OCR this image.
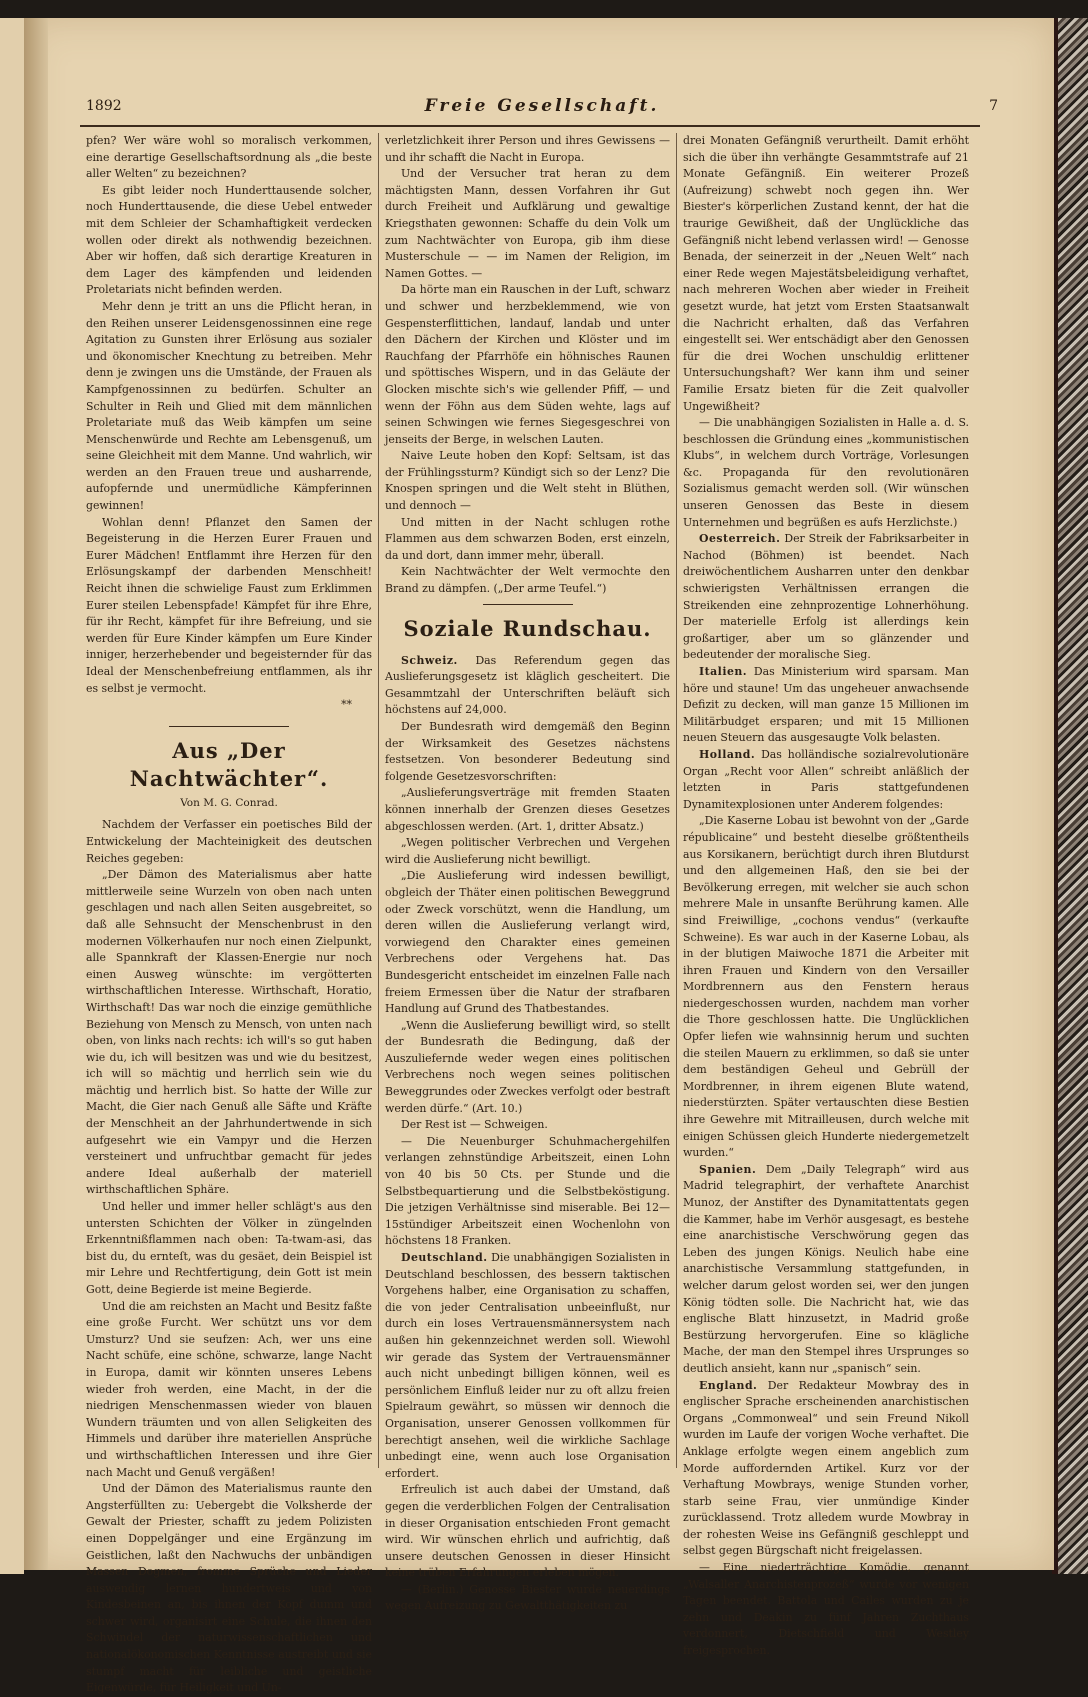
1892	Freie Gesellschaft.	7

pfen? Wer wäre wohl so moralisch verkommen, eine derartige Gesellschaftsordnung als „die beste aller Welten“ zu bezeichnen?

Es gibt leider noch Hunderttausende solcher, noch Hunderttausende, die diese Uebel entweder mit dem Schleier der Schamhaftigkeit verdecken wollen oder direkt als nothwendig bezeichnen. Aber wir hoffen, daß sich derartige Kreaturen in dem Lager des kämpfenden und leidenden Proletariats nicht befinden werden.

Mehr denn je tritt an uns die Pflicht heran, in den Reihen unserer Leidensgenossinnen eine rege Agitation zu Gunsten ihrer Erlösung aus sozialer und ökonomischer Knechtung zu betreiben. Mehr denn je zwingen uns die Umstände, der Frauen als Kampfgenossinnen zu bedürfen. Schulter an Schulter in Reih und Glied mit dem männlichen Proletariate muß das Weib kämpfen um seine Menschenwürde und Rechte am Lebensgenuß, um seine Gleichheit mit dem Manne. Und wahrlich, wir werden an den Frauen treue und ausharrende, aufopfernde und unermüdliche Kämpferinnen gewinnen!

Wohlan denn! Pflanzet den Samen der Begeisterung in die Herzen Eurer Frauen und Eurer Mädchen! Entflammt ihre Herzen für den Erlösungskampf der darbenden Menschheit! Reicht ihnen die schwielige Faust zum Erklimmen Eurer steilen Lebenspfade! Kämpfet für ihre Ehre, für ihr Recht, kämpfet für ihre Befreiung, und sie werden für Eure Kinder kämpfen um Eure Kinder inniger, herzerhebender und begeisternder für das Ideal der Menschenbefreiung entflammen, als ihr es selbst je vermocht.

**
Aus „Der Nachtwächter“.
Von M. G. Conrad.

Nachdem der Verfasser ein poetisches Bild der Entwickelung der Machteinigkeit des deutschen Reiches gegeben:

„Der Dämon des Materialismus aber hatte mittlerweile seine Wurzeln von oben nach unten geschlagen und nach allen Seiten ausgebreitet, so daß alle Sehnsucht der Menschenbrust in den modernen Völkerhaufen nur noch einen Zielpunkt, alle Spannkraft der Klassen-Energie nur noch einen Ausweg wünschte: im vergötterten wirthschaftlichen Interesse. Wirthschaft, Horatio, Wirthschaft! Das war noch die einzige gemüthliche Beziehung von Mensch zu Mensch, von unten nach oben, von links nach rechts: ich will's so gut haben wie du, ich will besitzen was und wie du besitzest, ich will so mächtig und herrlich sein wie du mächtig und herrlich bist. So hatte der Wille zur Macht, die Gier nach Genuß alle Säfte und Kräfte der Menschheit an der Jahrhundertwende in sich aufgesehrt wie ein Vampyr und die Herzen versteinert und unfruchtbar gemacht für jedes andere Ideal außerhalb der materiell wirthschaftlichen Sphäre.

Und heller und immer heller schlägt's aus den untersten Schichten der Völker in züngelnden Erkenntnißflammen nach oben: Ta-twam-asi, das bist du, du ernteſt, was du gesäet, dein Beispiel ist mir Lehre und Rechtfertigung, dein Gott ist mein Gott, deine Begierde ist meine Begierde.

Und die am reichsten an Macht und Besitz faßte eine große Furcht. Wer schützt uns vor dem Umsturz? Und sie seufzen: Ach, wer uns eine Nacht schüfe, eine schöne, schwarze, lange Nacht in Europa, damit wir könnten unseres Lebens wieder froh werden, eine Macht, in der die niedrigen Menschenmassen wieder von blauen Wundern träumten und von allen Seligkeiten des Himmels und darüber ihre materiellen Ansprüche und wirthschaftlichen Interessen und ihre Gier nach Macht und Genuß vergäßen!

Und der Dämon des Materialismus raunte den Angsterfüllten zu: Uebergebt die Volksherde der Gewalt der Priester, schafft zu jedem Polizisten einen Doppelgänger und eine Ergänzung im Geistlichen, laßt den Nachwuchs der unbändigen Massen Dogmen, fromme Sprüche und Lieder auswendig lernen hundertweis und von Kindesbeinen an, bis ihnen der Kopf dumm und schwer wird, organisirt eine Schule, die ihnen den Schwindel der naturwissenschaftlichen und nationalökonomischen Kenntnisse austreibt und sie stumpf macht für leibliche und geistliche Eigenwürde, für Heiligkeit und Un-

verletzlichkeit ihrer Person und ihres Gewissens — und ihr schafft die Nacht in Europa.

Und der Versucher trat heran zu dem mächtigsten Mann, dessen Vorfahren ihr Gut durch Freiheit und Aufklärung und gewaltige Kriegsthaten gewonnen: Schaffe du dein Volk um zum Nachtwächter von Europa, gib ihm diese Musterschule — — im Namen der Religion, im Namen Gottes. —

Da hörte man ein Rauschen in der Luft, schwarz und schwer und herzbeklemmend, wie von Gespensterflittichen, landauf, landab und unter den Dächern der Kirchen und Klöster und im Rauchfang der Pfarrhöfe ein höhnisches Raunen und spöttisches Wispern, und in das Geläute der Glocken mischte sich's wie gellender Pfiff, — und wenn der Föhn aus dem Süden wehte, lags auf seinen Schwingen wie fernes Siegesgeschrei von jenseits der Berge, in welschen Lauten.

Naive Leute hoben den Kopf: Seltsam, ist das der Frühlingssturm? Kündigt sich so der Lenz? Die Knospen springen und die Welt steht in Blüthen, und dennoch —

Und mitten in der Nacht schlugen rothe Flammen aus dem schwarzen Boden, erst einzeln, da und dort, dann immer mehr, überall.

Kein Nachtwächter der Welt vermochte den Brand zu dämpfen. („Der arme Teufel.“)

Soziale Rundschau.

Schweiz. Das Referendum gegen das Auslieferungsgesetz ist kläglich gescheitert. Die Gesammtzahl der Unterschriften beläuft sich höchstens auf 24,000.

Der Bundesrath wird demgemäß den Beginn der Wirksamkeit des Gesetzes nächstens festsetzen. Von besonderer Bedeutung sind folgende Gesetzesvorschriften:

„Auslieferungsverträge mit fremden Staaten können innerhalb der Grenzen dieses Gesetzes abgeschlossen werden. (Art. 1, dritter Absatz.)

„Wegen politischer Verbrechen und Vergehen wird die Auslieferung nicht bewilligt.

„Die Auslieferung wird indessen bewilligt, obgleich der Thäter einen politischen Beweggrund oder Zweck vorschützt, wenn die Handlung, um deren willen die Auslieferung verlangt wird, vorwiegend den Charakter eines gemeinen Verbrechens oder Vergehens hat. Das Bundesgericht entscheidet im einzelnen Falle nach freiem Ermessen über die Natur der strafbaren Handlung auf Grund des Thatbestandes.

„Wenn die Auslieferung bewilligt wird, so stellt der Bundesrath die Bedingung, daß der Auszuliefernde weder wegen eines politischen Verbrechens noch wegen seines politischen Beweggrundes oder Zweckes verfolgt oder bestraft werden dürfe.“ (Art. 10.)

Der Rest ist — Schweigen.

— Die Neuenburger Schuhmachergehilfen verlangen zehnstündige Arbeitszeit, einen Lohn von 40 bis 50 Cts. per Stunde und die Selbstbequartierung und die Selbstbeköstigung. Die jetzigen Verhältnisse sind miserable. Bei 12—15stündiger Arbeitszeit einen Wochenlohn von höchstens 18 Franken.

Deutschland. Die unabhängigen Sozialisten in Deutschland beschlossen, des bessern taktischen Vorgehens halber, eine Organisation zu schaffen, die von jeder Centralisation unbeeinflußt, nur durch ein loses Vertrauensmännersystem nach außen hin gekennzeichnet werden soll. Wiewohl wir gerade das System der Vertrauensmänner auch nicht unbedingt billigen können, weil es persönlichem Einfluß leider nur zu oft allzu freien Spielraum gewährt, so müssen wir dennoch die Organisation, unserer Genossen vollkommen für berechtigt ansehen, weil die wirkliche Sachlage unbedingt eine, wenn auch lose Organisation erfordert.

Erfreulich ist auch dabei der Umstand, daß gegen die verderblichen Folgen der Centralisation in dieser Organisation entschieden Front gemacht wird. Wir wünschen ehrlich und aufrichtig, daß unsere deutschen Genossen in dieser Hinsicht keine trüben Erfahrungen erleben mögen.

— (Berlin.) Genosse Biester wurde neuerdings wegen Aufreizung zu Gewaltthätigkeiten zu

drei Monaten Gefängniß verurtheilt. Damit erhöht sich die über ihn verhängte Gesammtstrafe auf 21 Monate Gefängniß. Ein weiterer Prozeß (Aufreizung) schwebt noch gegen ihn. Wer Biester's körperlichen Zustand kennt, der hat die traurige Gewißheit, daß der Unglückliche das Gefängniß nicht lebend verlassen wird! — Genosse Benada, der seinerzeit in der „Neuen Welt“ nach einer Rede wegen Majestätsbeleidigung verhaftet, nach mehreren Wochen aber wieder in Freiheit gesetzt wurde, hat jetzt vom Ersten Staatsanwalt die Nachricht erhalten, daß das Verfahren eingestellt sei. Wer entschädigt aber den Genossen für die drei Wochen unschuldig erlittener Untersuchungshaft? Wer kann ihm und seiner Familie Ersatz bieten für die Zeit qualvoller Ungewißheit?

— Die unabhängigen Sozialisten in Halle a. d. S. beschlossen die Gründung eines „kommunistischen Klubs“, in welchem durch Vorträge, Vorlesungen &c. Propaganda für den revolutionären Sozialismus gemacht werden soll. (Wir wünschen unseren Genossen das Beste in diesem Unternehmen und begrüßen es aufs Herzlichste.)

Oesterreich. Der Streik der Fabriksarbeiter in Nachod (Böhmen) ist beendet. Nach dreiwöchentlichem Ausharren unter den denkbar schwierigsten Verhältnissen errangen die Streikenden eine zehnprozentige Lohnerhöhung. Der materielle Erfolg ist allerdings kein großartiger, aber um so glänzender und bedeutender der moralische Sieg.

Italien. Das Ministerium wird sparsam. Man höre und staune! Um das ungeheuer anwachsende Defizit zu decken, will man ganze 15 Millionen im Militärbudget ersparen; und mit 15 Millionen neuen Steuern das ausgesaugte Volk belasten.

Holland. Das holländische sozialrevolutionäre Organ „Recht voor Allen“ schreibt anläßlich der letzten in Paris stattgefundenen Dynamitexplosionen unter Anderem folgendes:

„Die Kaserne Lobau ist bewohnt von der „Garde républicaine“ und besteht dieselbe größtentheils aus Korsikanern, berüchtigt durch ihren Blutdurst und den allgemeinen Haß, den sie bei der Bevölkerung erregen, mit welcher sie auch schon mehrere Male in unsanfte Berührung kamen. Alle sind Freiwillige, „cochons vendus“ (verkaufte Schweine). Es war auch in der Kaserne Lobau, als in der blutigen Maiwoche 1871 die Arbeiter mit ihren Frauen und Kindern von den Versailler Mordbrennern aus den Fenstern heraus niedergeschossen wurden, nachdem man vorher die Thore geschlossen hatte. Die Unglücklichen Opfer liefen wie wahnsinnig herum und suchten die steilen Mauern zu erklimmen, so daß sie unter dem beständigen Geheul und Gebrüll der Mordbrenner, in ihrem eigenen Blute watend, niederstürzten. Später vertauschten diese Bestien ihre Gewehre mit Mitrailleusen, durch welche mit einigen Schüssen gleich Hunderte niedergemetzelt wurden.“

Spanien. Dem „Daily Telegraph“ wird aus Madrid telegraphirt, der verhaftete Anarchist Munoz, der Anstifter des Dynamitattentats gegen die Kammer, habe im Verhör ausgesagt, es bestehe eine anarchistische Verschwörung gegen das Leben des jungen Königs. Neulich habe eine anarchistische Versammlung stattgefunden, in welcher darum gelost worden sei, wer den jungen König tödten solle. Die Nachricht hat, wie das englische Blatt hinzusetzt, in Madrid große Bestürzung hervorgerufen. Eine so klägliche Mache, der man den Stempel ihres Ursprunges so deutlich ansieht, kann nur „spanisch“ sein.

England. Der Redakteur Mowbray des in englischer Sprache erscheinenden anarchistischen Organs „Commonweal“ und sein Freund Nikoll wurden im Laufe der vorigen Woche verhaftet. Die Anklage erfolgte wegen einem angeblich zum Morde auffordernden Artikel. Kurz vor der Verhaftung Mowbrays, wenige Stunden vorher, starb seine Frau, vier unmündige Kinder zurücklassend. Trotz alledem wurde Mowbray in der rohesten Weise ins Gefängniß geschleppt und selbst gegen Bürgschaft nicht freigelassen.

— Eine niederträchtige Komödie, genannt „Walsaller Anarchistenprozeß“ wurde vor wenigen Tagen beendet. Battola und Cailes wurden zu je zehn und Deakin zu fünf Jahren Zuchthaus verdonnert, Dietschfield und Westley freigesprochen.
